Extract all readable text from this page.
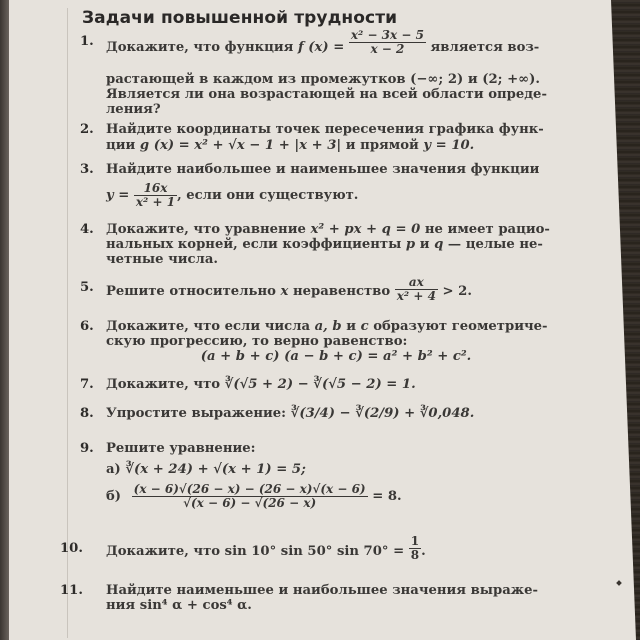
Задачи повышенной трудности
1. Докажите, что функция f $(x) = \frac{\text{x² − 3x − 5}}{x - 2}$ является воз-
растающей в каждом из промежутков (−∞; 2) и (2; +∞).
Является ли она возрастающей на всей области опреде-
ления?
2. Найдите координаты точек пересечения графика функ-
ции g (x) = x² + √x − 1 + |x + 3| и прямой y = 10.
3. Найдите наибольшее и наименьшее значения функции
$y = \frac{16x}{\text{x² + 1}}$ , если они существуют.
4. Докажите, что уравнение x² + px + q = 0 не имеет рацио-
нальных корней, если коэффициенты p и q — целые не-
четные числа.
5. Решите относительно x неравенство $\frac{ax}{\text{x² + 4}} > 2$.
6. Докажите, что если числа a, b и c образуют геометриче-
скую прогрессию, то верно равенство:
(a + b + c) (a − b + c) = a² + b² + c².
7. Докажите, что ∛(√5 + 2) − ∛(√5 − 2) = 1.
8. Упростите выражение: ∛(3/4) − ∛(2/9) + ∛0,048.
9. Решите уравнение:
а) ∛(x + 24) + √(x + 1) = 5;
$б) \frac{(x - 6)√(26 - x) - (26 - x)√(x - 6)}{√(x - 6) - √(26 - x)} = 8$.
10.	Докажите, что sin 10° sin 50° $\sin 70^\circ = \frac{1}{8}$ .
11.	Найдите наименьшее и наибольшее значения выраже-
ния sin⁴ α + cos⁴ α.
